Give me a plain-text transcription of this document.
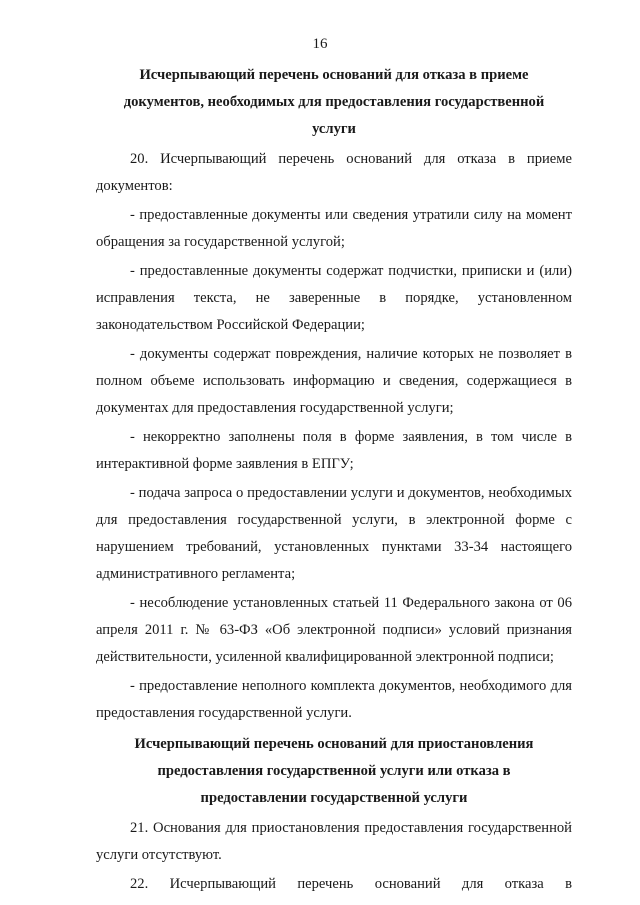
16

Исчерпывающий перечень оснований для отказа в приеме документов, необходимых для предоставления государственной услуги

20. Исчерпывающий перечень оснований для отказа в приеме документов:

- предоставленные документы или сведения утратили силу на момент обращения за государственной услугой;

- предоставленные документы содержат подчистки, приписки и (или) исправления текста, не заверенные в порядке, установленном законодательством Российской Федерации;

- документы содержат повреждения, наличие которых не позволяет в полном объеме использовать информацию и сведения, содержащиеся в документах для предоставления государственной услуги;

- некорректно заполнены поля в форме заявления, в том числе в интерактивной форме заявления в ЕПГУ;

- подача запроса о предоставлении услуги и документов, необходимых для предоставления государственной услуги, в электронной форме с нарушением требований, установленных пунктами 33-34 настоящего административного регламента;

- несоблюдение установленных статьей 11 Федерального закона от 06 апреля 2011 г. № 63-ФЗ «Об электронной подписи» условий признания действительности, усиленной квалифицированной электронной подписи;

- предоставление неполного комплекта документов, необходимого для предоставления государственной услуги.

Исчерпывающий перечень оснований для приостановления предоставления государственной услуги или отказа в предоставлении государственной услуги

21. Основания для приостановления предоставления государственной услуги отсутствуют.

22. Исчерпывающий перечень оснований для отказа в
